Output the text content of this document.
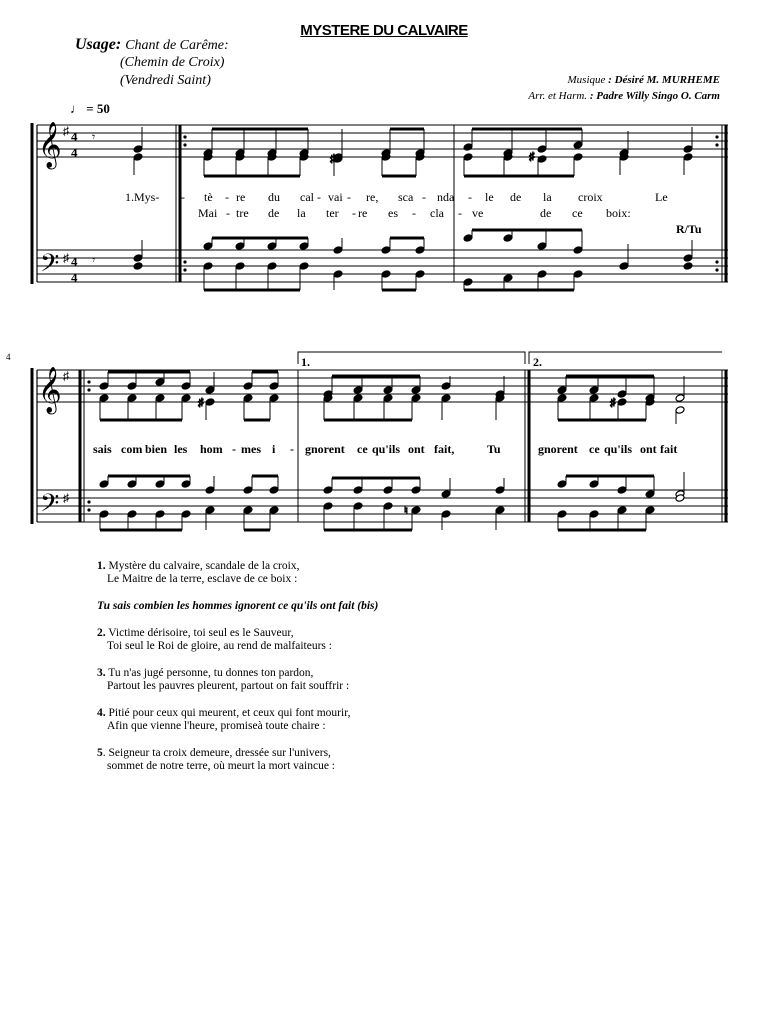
MYSTERE DU CALVAIRE
Usage: Chant de Carême:
(Chemin de Croix)
(Vendredi Saint)	Musique : Désiré M. MURHEME
Arr. et Harm. : Padre Willy Singo O. Carm
♩ = 50
𝄞
𝄢
♯
♯
4
4
4
4
𝄾
𝄾
♯	♯
𝄞
𝄢
♯
♯
♯	♯
♮
1.Mys- - tè - re du cal - vai - re, sca - nda - le de la croix	Le
Mai - tre de la ter - re es - cla - ve	de ce boix:
R/Tu
4	1.	2.
sais com bien les hom - mes i - gnorent ce qu'ils ont fait,	Tu	gnorent ce qu'ils ont fait
1. Mystère du calvaire, scandale de la croix,
Le Maitre de la terre, esclave de ce boix :
Tu sais combien les hommes ignorent ce qu'ils ont fait (bis)
2. Victime dérisoire, toi seul es le Sauveur,
Toi seul le Roi de gloire, au rend de malfaiteurs :
3. Tu n'as jugé personne, tu donnes ton pardon,
Partout les pauvres pleurent, partout on fait souffrir :
4. Pitié pour ceux qui meurent, et ceux qui font mourir,
Afin que vienne l'heure, promiseà toute chaire :
5. Seigneur ta croix demeure, dressée sur l'univers,
sommet de notre terre, où meurt la mort vaincue :
